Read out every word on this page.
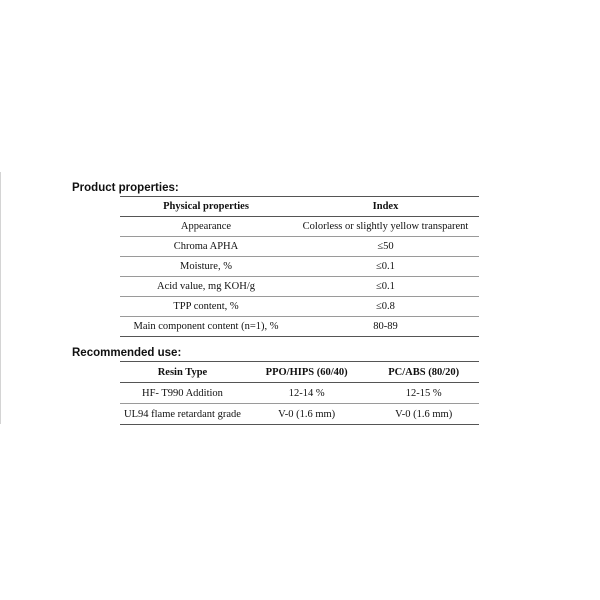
Product properties:
Physical properties	Index
Appearance	Colorless or slightly yellow transparent
Chroma APHA	≤50
Moisture, %	≤0.1
Acid value, mg KOH/g	≤0.1
TPP content, %	≤0.8
Main component content (n=1), %	80-89
Recommended use:
Resin Type	PPO/HIPS (60/40)	PC/ABS (80/20)
HF- T990 Addition	12-14 %	12-15 %
UL94 flame retardant grade	V-0 (1.6 mm)	V-0 (1.6 mm)
